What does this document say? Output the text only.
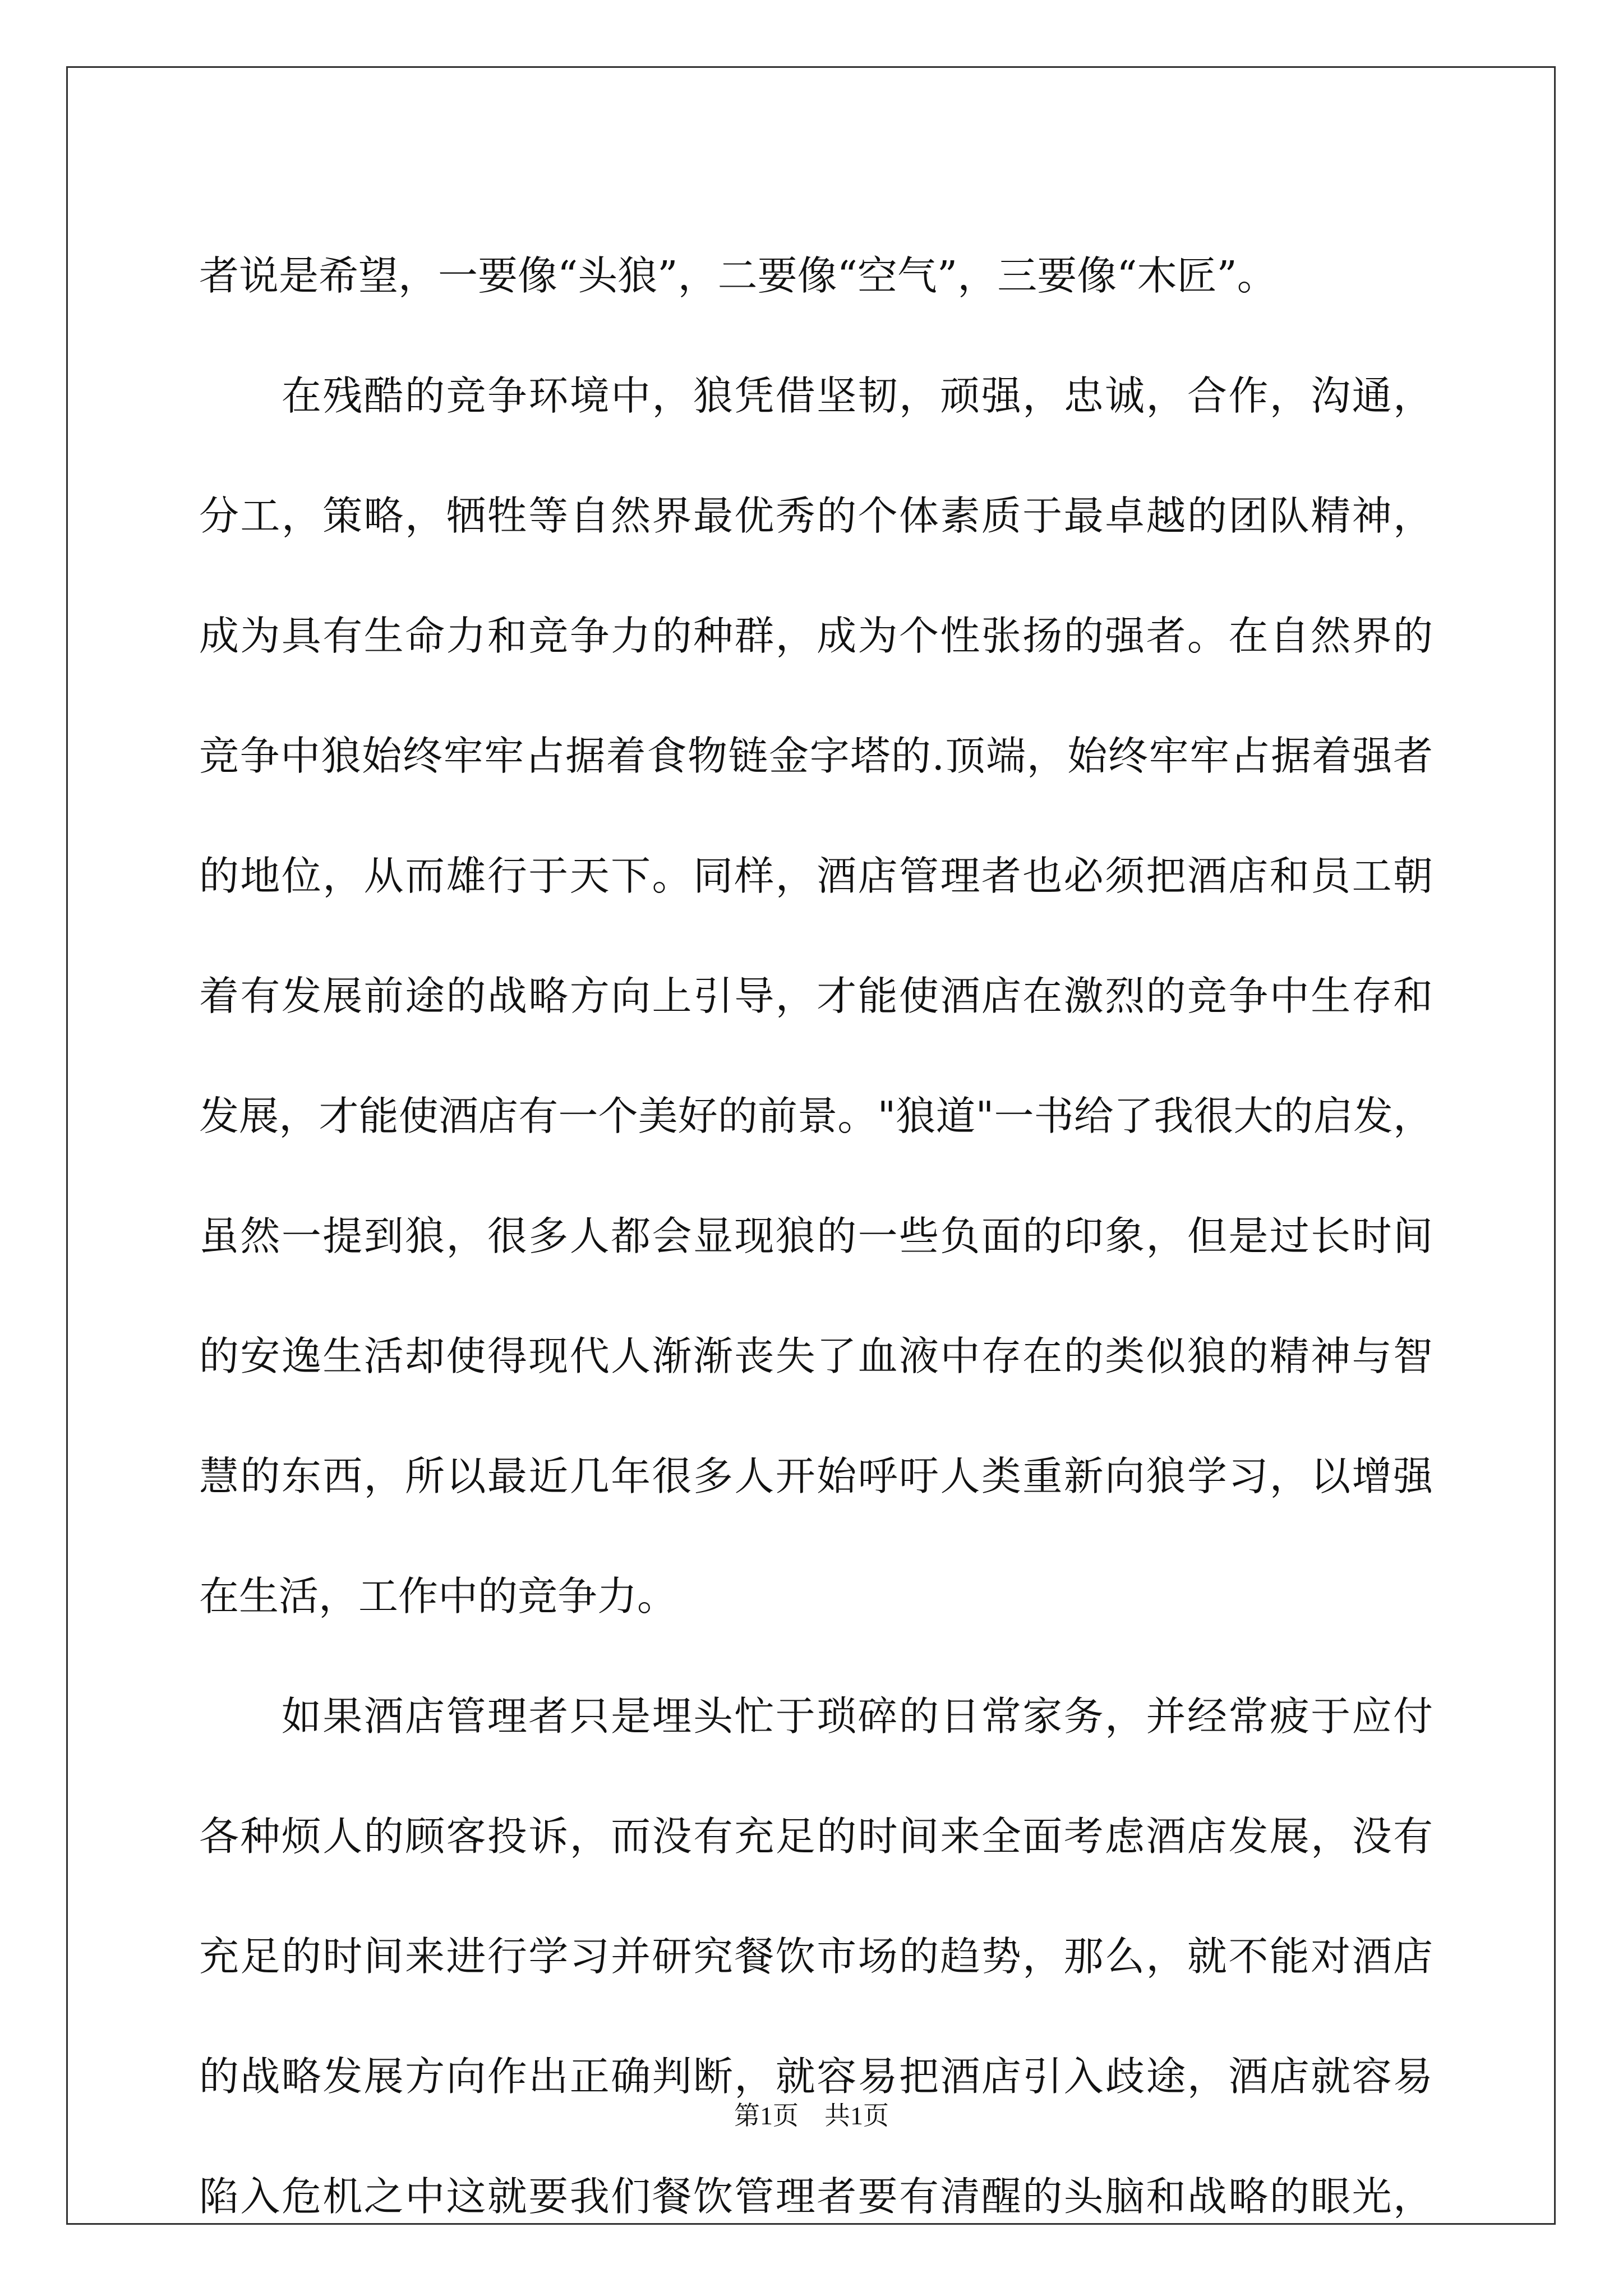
者说是希望，一要像“头狼”，二要像“空气”，三要像“木匠”。
　　在残酷的竞争环境中，狼凭借坚韧，顽强，忠诚，合作，沟通，
分工，策略，牺牲等自然界最优秀的个体素质于最卓越的团队精神，
成为具有生命力和竞争力的种群，成为个性张扬的强者。在自然界的
竞争中狼始终牢牢占据着食物链金字塔的.顶端，始终牢牢占据着强者
的地位，从而雄行于天下。同样，酒店管理者也必须把酒店和员工朝
着有发展前途的战略方向上引导，才能使酒店在激烈的竞争中生存和
发展，才能使酒店有一个美好的前景。"狼道"一书给了我很大的启发，
虽然一提到狼，很多人都会显现狼的一些负面的印象，但是过长时间
的安逸生活却使得现代人渐渐丧失了血液中存在的类似狼的精神与智
慧的东西，所以最近几年很多人开始呼吁人类重新向狼学习，以增强
在生活，工作中的竞争力。
　　如果酒店管理者只是埋头忙于琐碎的日常家务，并经常疲于应付
各种烦人的顾客投诉，而没有充足的时间来全面考虑酒店发展，没有
充足的时间来进行学习并研究餐饮市场的趋势，那么，就不能对酒店
的战略发展方向作出正确判断，就容易把酒店引入歧途，酒店就容易
陷入危机之中这就要我们餐饮管理者要有清醒的头脑和战略的眼光，
第1页　共1页
